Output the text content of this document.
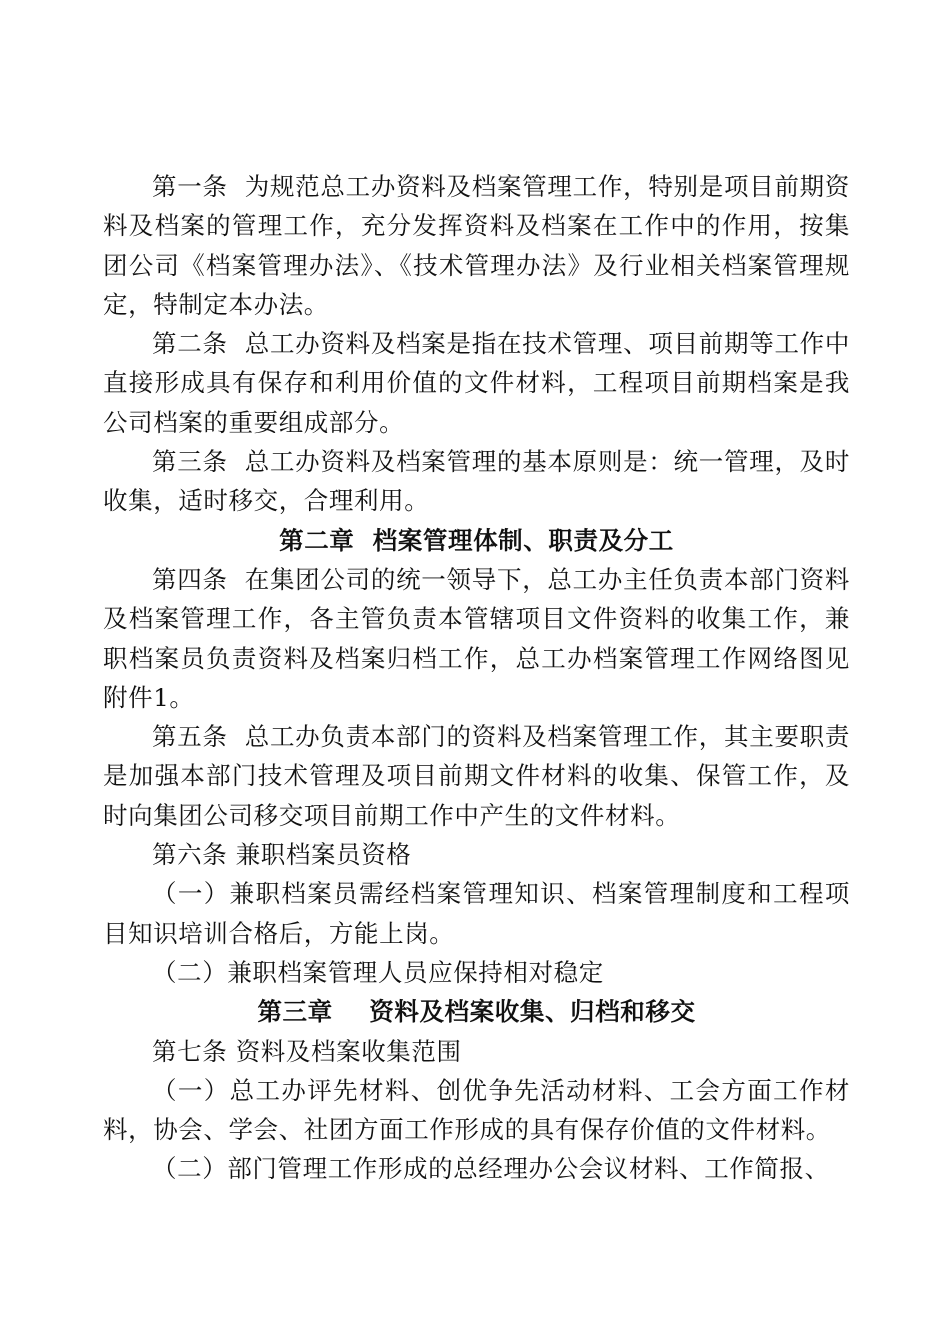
第一条 为规范总工办资料及档案管理工作，特别是项目前期资料及档案的管理工作，充分发挥资料及档案在工作中的作用，按集团公司《档案管理办法》、《技术管理办法》及行业相关档案管理规定，特制定本办法。

第二条 总工办资料及档案是指在技术管理、项目前期等工作中直接形成具有保存和利用价值的文件材料，工程项目前期档案是我公司档案的重要组成部分。

第三条 总工办资料及档案管理的基本原则是：统一管理，及时收集，适时移交，合理利用。

第二章  档案管理体制、职责及分工

第四条 在集团公司的统一领导下，总工办主任负责本部门资料及档案管理工作，各主管负责本管辖项目文件资料的收集工作，兼职档案员负责资料及档案归档工作，总工办档案管理工作网络图见附件1。

第五条 总工办负责本部门的资料及档案管理工作，其主要职责是加强本部门技术管理及项目前期文件材料的收集、保管工作，及时向集团公司移交项目前期工作中产生的文件材料。

第六条 兼职档案员资格

（一）兼职档案员需经档案管理知识、档案管理制度和工程项目知识培训合格后，方能上岗。

（二）兼职档案管理人员应保持相对稳定

第三章    资料及档案收集、归档和移交

第七条 资料及档案收集范围

（一）总工办评先材料、创优争先活动材料、工会方面工作材料，协会、学会、社团方面工作形成的具有保存价值的文件材料。

（二）部门管理工作形成的总经理办公会议材料、工作简报、
